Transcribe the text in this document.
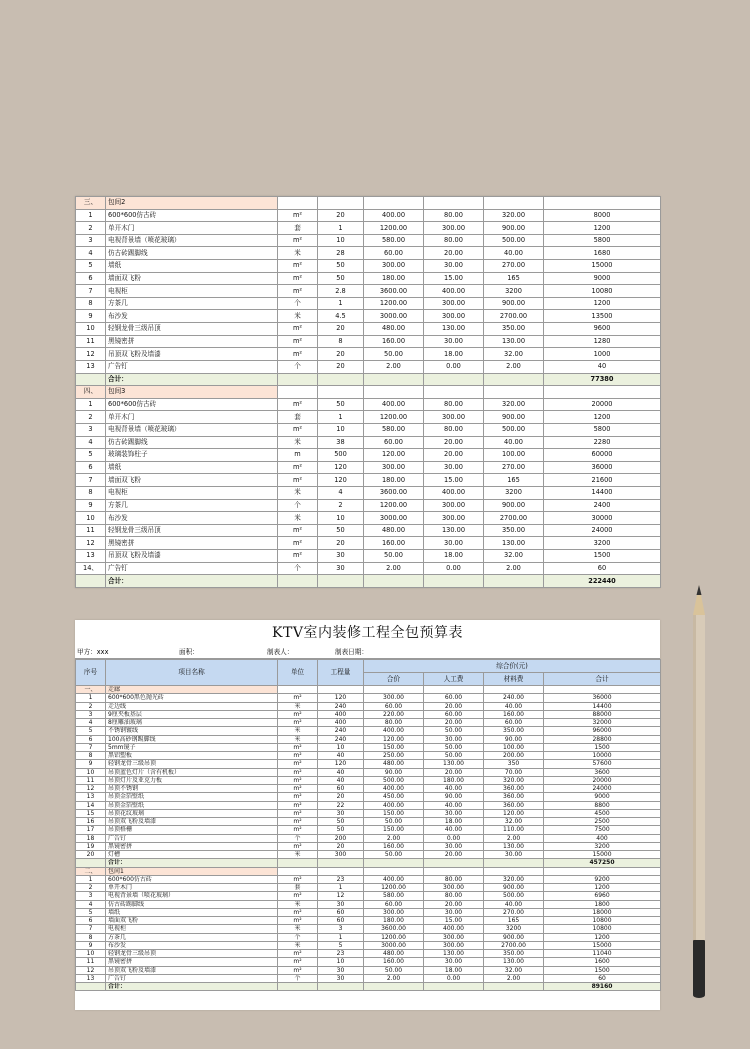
三、	包间2						
1	600*600仿古砖	m²	20	400.00	80.00	320.00	8000
2	单开木门	套	1	1200.00	300.00	900.00	1200
3	电视背景墙（喷花玻璃）	m²	10	580.00	80.00	500.00	5800
4	仿古砖踢脚线	米	28	60.00	20.00	40.00	1680
5	墙纸	m²	50	300.00	30.00	270.00	15000
6	墙面双飞粉	m²	50	180.00	15.00	165	9000
7	电视柜	m²	2.8	3600.00	400.00	3200	10080
8	方茶几	个	1	1200.00	300.00	900.00	1200
9	布沙发	米	4.5	3000.00	300.00	2700.00	13500
10	轻钢龙骨三级吊顶	m²	20	480.00	130.00	350.00	9600
11	黑镜密拼	m²	8	160.00	30.00	130.00	1280
12	吊顶双飞粉及墙漆	m²	20	50.00	18.00	32.00	1000
13	广告钉	个	20	2.00	0.00	2.00	40
	合计：						77380
四、	包间3						
1	600*600仿古砖	m²	50	400.00	80.00	320.00	20000
2	单开木门	套	1	1200.00	300.00	900.00	1200
3	电视背景墙（喷花玻璃）	m²	10	580.00	80.00	500.00	5800
4	仿古砖踢脚线	米	38	60.00	20.00	40.00	2280
5	玻璃装饰柱子	m	500	120.00	20.00	100.00	60000
6	墙纸	m²	120	300.00	30.00	270.00	36000
7	墙面双飞粉	m²	120	180.00	15.00	165	21600
8	电视柜	米	4	3600.00	400.00	3200	14400
9	方茶几	个	2	1200.00	300.00	900.00	2400
10	布沙发	米	10	3000.00	300.00	2700.00	30000
11	轻钢龙骨三级吊顶	m²	50	480.00	130.00	350.00	24000
12	黑镜密拼	m²	20	160.00	30.00	130.00	3200
13	吊顶双飞粉及墙漆	m²	30	50.00	18.00	32.00	1500
14、	广告钉	个	30	2.00	0.00	2.00	60
	合计：						222440
KTV室内装修工程全包预算表
甲方：xxx	面积：	制表人：	制表日期：
序号	项目名称	单位	工程量	综合价(元)			
				合价	人工费	材料费	合计
一、	走廊						
1	600*600黑色抛光砖	m²	120	300.00	60.00	240.00	36000
2	走边线	米	240	60.00	20.00	40.00	14400
3	9厘夹板基层	m²	400	220.00	60.00	160.00	88000
4	8厘雕油玻璃	m²	400	80.00	20.00	60.00	32000
5	不锈钢镀线	米	240	400.00	50.00	350.00	96000
6	100高砂钢踢脚线	米	240	120.00	30.00	90.00	28800
7	5mm镜子	m²	10	150.00	50.00	100.00	1500
8	黑铝塑板	m²	40	250.00	50.00	200.00	10000
9	轻钢龙骨三级吊顶	m²	120	480.00	130.00	350	57600
10	吊顶蓝色灯片（含有机板）	m²	40	90.00	20.00	70.00	3600
11	吊顶灯片及亚克力板	m²	40	500.00	180.00	320.00	20000
12	吊顶不锈钢	m²	60	400.00	40.00	360.00	24000
13	吊顶金箔壁纸	m²	20	450.00	90.00	360.00	9000
14	吊顶金箔壁纸	m²	22	400.00	40.00	360.00	8800
15	吊顶花纹玻璃	m²	30	150.00	30.00	120.00	4500
16	吊顶双飞粉及墙漆	m²	50	50.00	18.00	32.00	2500
17	吊顶格栅	m²	50	150.00	40.00	110.00	7500
18	广告钉	个	200	2.00	0.00	2.00	400
19	黑镜密拼	m²	20	160.00	30.00	130.00	3200
20	灯槽	米	300	50.00	20.00	30.00	15000
	合计：						457250
二、	包间1						
1	600*600仿古砖	m²	23	400.00	80.00	320.00	9200
2	单开木门	套	1	1200.00	300.00	900.00	1200
3	电视背景墙（喷花玻璃）	m²	12	580.00	80.00	500.00	6960
4	仿古砖踢脚线	米	30	60.00	20.00	40.00	1800
5	墙纸	m²	60	300.00	30.00	270.00	18000
6	墙面双飞粉	m²	60	180.00	15.00	165	10800
7	电视柜	米	3	3600.00	400.00	3200	10800
8	方茶几	个	1	1200.00	300.00	900.00	1200
9	布沙发	米	5	3000.00	300.00	2700.00	15000
10	轻钢龙骨三级吊顶	m²	23	480.00	130.00	350.00	11040
11	黑镜密拼	m²	10	160.00	30.00	130.00	1600
12	吊顶双飞粉及墙漆	m²	30	50.00	18.00	32.00	1500
13	广告钉	个	30	2.00	0.00	2.00	60
	合计：						89160
